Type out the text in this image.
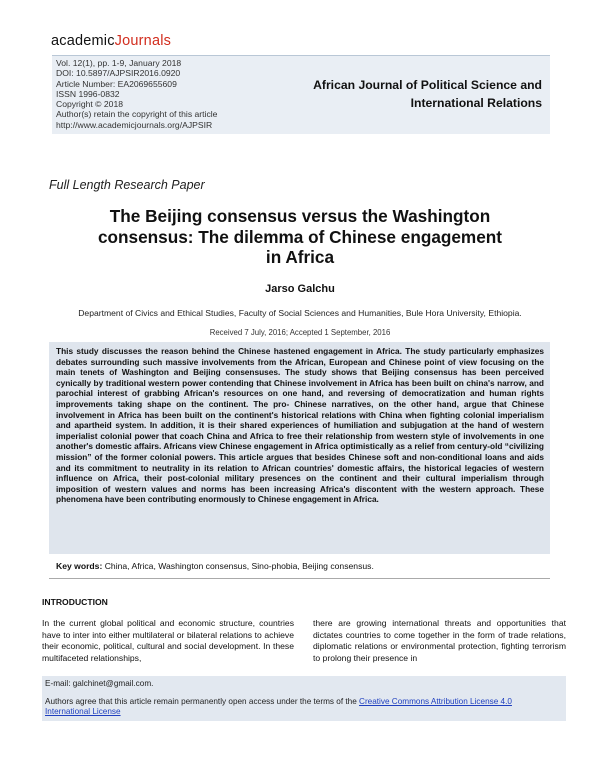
academicJournals
Vol. 12(1), pp. 1-9, January 2018
DOI: 10.5897/AJPSIR2016.0920
Article Number: EA2069655609
ISSN 1996-0832
Copyright © 2018
Author(s) retain the copyright of this article
http://www.academicjournals.org/AJPSIR
African Journal of Political Science and
International Relations
Full Length Research Paper
The Beijing consensus versus the Washington
consensus: The dilemma of Chinese engagement
in Africa
Jarso Galchu
Department of Civics and Ethical Studies, Faculty of Social Sciences and Humanities, Bule Hora University, Ethiopia.
Received 7 July, 2016; Accepted 1 September, 2016
This study discusses the reason behind the Chinese hastened engagement in Africa. The study particularly emphasizes debates surrounding such massive involvements from the African, European and Chinese point of view focusing on the main tenets of Washington and Beijing consensuses. The study shows that Beijing consensus has been perceived cynically by traditional western power contending that Chinese involvement in Africa has been built on china's narrow, and parochial interest of grabbing African's resources on one hand, and reversing of democratization and human rights improvements taking shape on the continent. The pro- Chinese narratives, on the other hand, argue that Chinese involvement in Africa has been built on the continent's historical relations with China when fighting colonial imperialism and apartheid system. In addition, it is their shared experiences of humiliation and subjugation at the hand of western imperialist colonial power that coach China and Africa to free their relationship from western style of involvements in one another's domestic affairs. Africans view Chinese engagement in Africa optimistically as a relief from century-old “civilizing mission” of the former colonial powers. This article argues that besides Chinese soft and non-conditional loans and aids and its commitment to neutrality in its relation to African countries' domestic affairs, the historical legacies of western influence on Africa, their post-colonial military presences on the continent and their cultural imperialism through imposition of western values and norms has been increasing Africa's discontent with the western approach. These phenomena have been contributing enormously to Chinese engagement in Africa.
Key words: China, Africa, Washington consensus, Sino-phobia, Beijing consensus.
INTRODUCTION
In the current global political and economic structure, countries have to inter into either multilateral or bilateral relations to achieve their economic, political, cultural and social development. In these multifaceted relationships,
there are growing international threats and opportunities that dictates countries to come together in the form of trade relations, diplomatic relations or environmental protection, fighting terrorism to prolong their presence in
E-mail: galchinet@gmail.com.
Authors agree that this article remain permanently open access under the terms of the Creative Commons Attribution License 4.0 International License
